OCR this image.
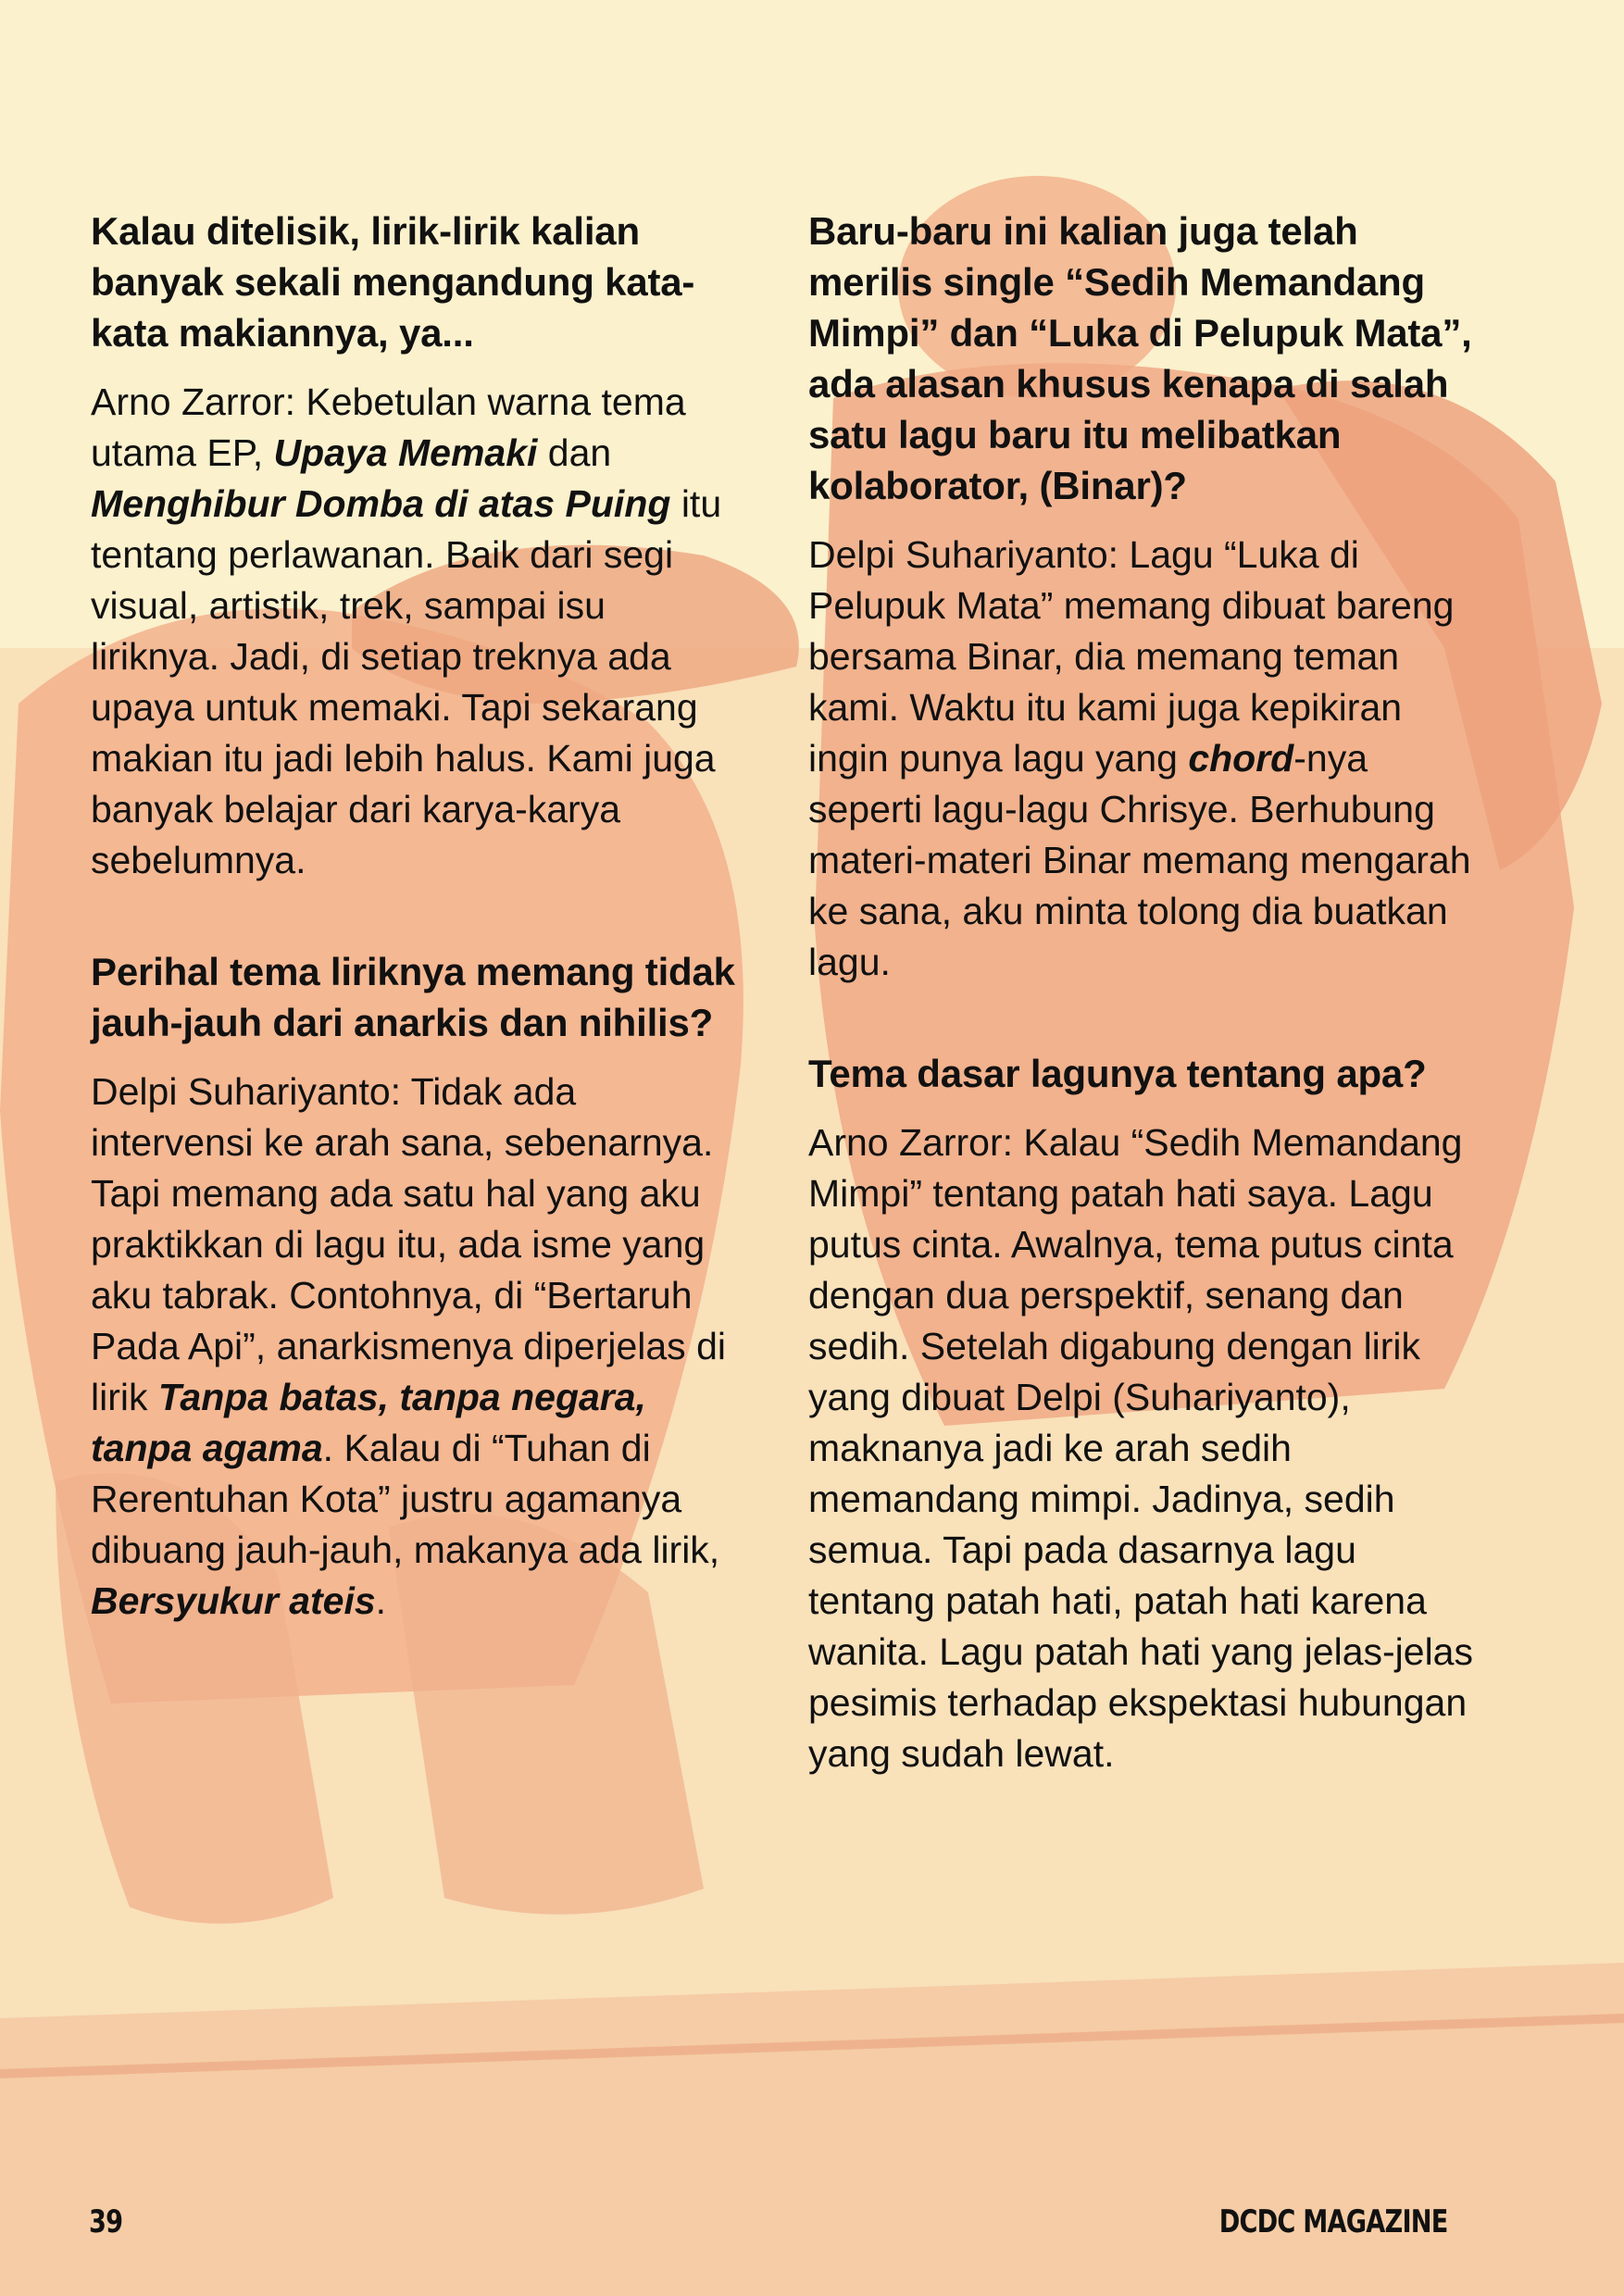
Kalau ditelisik, lirik-lirik kalian banyak sekali mengandung kata-kata makiannya, ya...

Arno Zarror: Kebetulan warna tema utama EP, Upaya Memaki dan Menghibur Domba di atas Puing itu tentang perlawanan. Baik dari segi visual, artistik, trek, sampai isu liriknya. Jadi, di setiap treknya ada upaya untuk memaki. Tapi sekarang makian itu jadi lebih halus. Kami juga banyak belajar dari karya-karya sebelumnya.

Perihal tema liriknya memang tidak jauh-jauh dari anarkis dan nihilis?

Delpi Suhariyanto: Tidak ada intervensi ke arah sana, sebenarnya. Tapi memang ada satu hal yang aku praktikkan di lagu itu, ada isme yang aku tabrak. Contohnya, di “Bertaruh Pada Api”, anarkismenya diperjelas di lirik Tanpa batas, tanpa negara, tanpa agama. Kalau di “Tuhan di Rerentuhan Kota” justru agamanya dibuang jauh-jauh, makanya ada lirik, Bersyukur ateis.

Baru-baru ini kalian juga telah merilis single “Sedih Memandang Mimpi” dan “Luka di Pelupuk Mata”, ada alasan khusus kenapa di salah satu lagu baru itu melibatkan kolaborator, (Binar)?

Delpi Suhariyanto: Lagu “Luka di Pelupuk Mata” memang dibuat bareng bersama Binar, dia memang teman kami. Waktu itu kami juga kepikiran ingin punya lagu yang chord-nya seperti lagu-lagu Chrisye. Berhubung materi-materi Binar memang mengarah ke sana, aku minta tolong dia buatkan lagu.

Tema dasar lagunya tentang apa?

Arno Zarror: Kalau “Sedih Memandang Mimpi” tentang patah hati saya. Lagu putus cinta. Awalnya, tema putus cinta dengan dua perspektif, senang dan sedih. Setelah digabung dengan lirik yang dibuat Delpi (Suhariyanto), maknanya jadi ke arah sedih memandang mimpi. Jadinya, sedih semua. Tapi pada dasarnya lagu tentang patah hati, patah hati karena wanita. Lagu patah hati yang jelas-jelas pesimis terhadap ekspektasi hubungan yang sudah lewat.

39	DCDC MAGAZINE
